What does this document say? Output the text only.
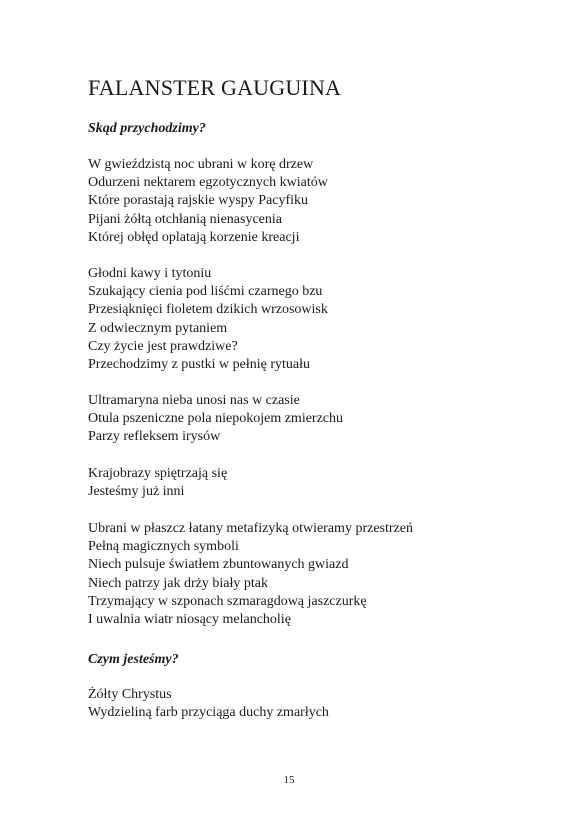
FALANSTER GAUGUINA
Skąd przychodzimy?
W gwieździstą noc ubrani w korę drzew
Odurzeni nektarem egzotycznych kwiatów
Które porastają rajskie wyspy Pacyfiku
Pijani żółtą otchłanią nienasycenia
Której obłęd oplatają korzenie kreacji
Głodni kawy i tytoniu
Szukający cienia pod liśćmi czarnego bzu
Przesiąknięci fioletem dzikich wrzosowisk
Z odwiecznym pytaniem
Czy życie jest prawdziwe?
Przechodzimy z pustki w pełnię rytuału
Ultramaryna nieba unosi nas w czasie
Otula pszeniczne pola niepokojem zmierzchu
Parzy refleksem irysów
Krajobrazy spiętrzają się
Jesteśmy już inni
Ubrani w płaszcz łatany metafizyką otwieramy przestrzeń
Pełną magicznych symboli
Niech pulsuje światłem zbuntowanych gwiazd
Niech patrzy jak drży biały ptak
Trzymający w szponach szmaragdową jaszczurkę
I uwalnia wiatr niosący melancholię
Czym jesteśmy?
Żółty Chrystus
Wydzieliną farb przyciąga duchy zmarłych
15
